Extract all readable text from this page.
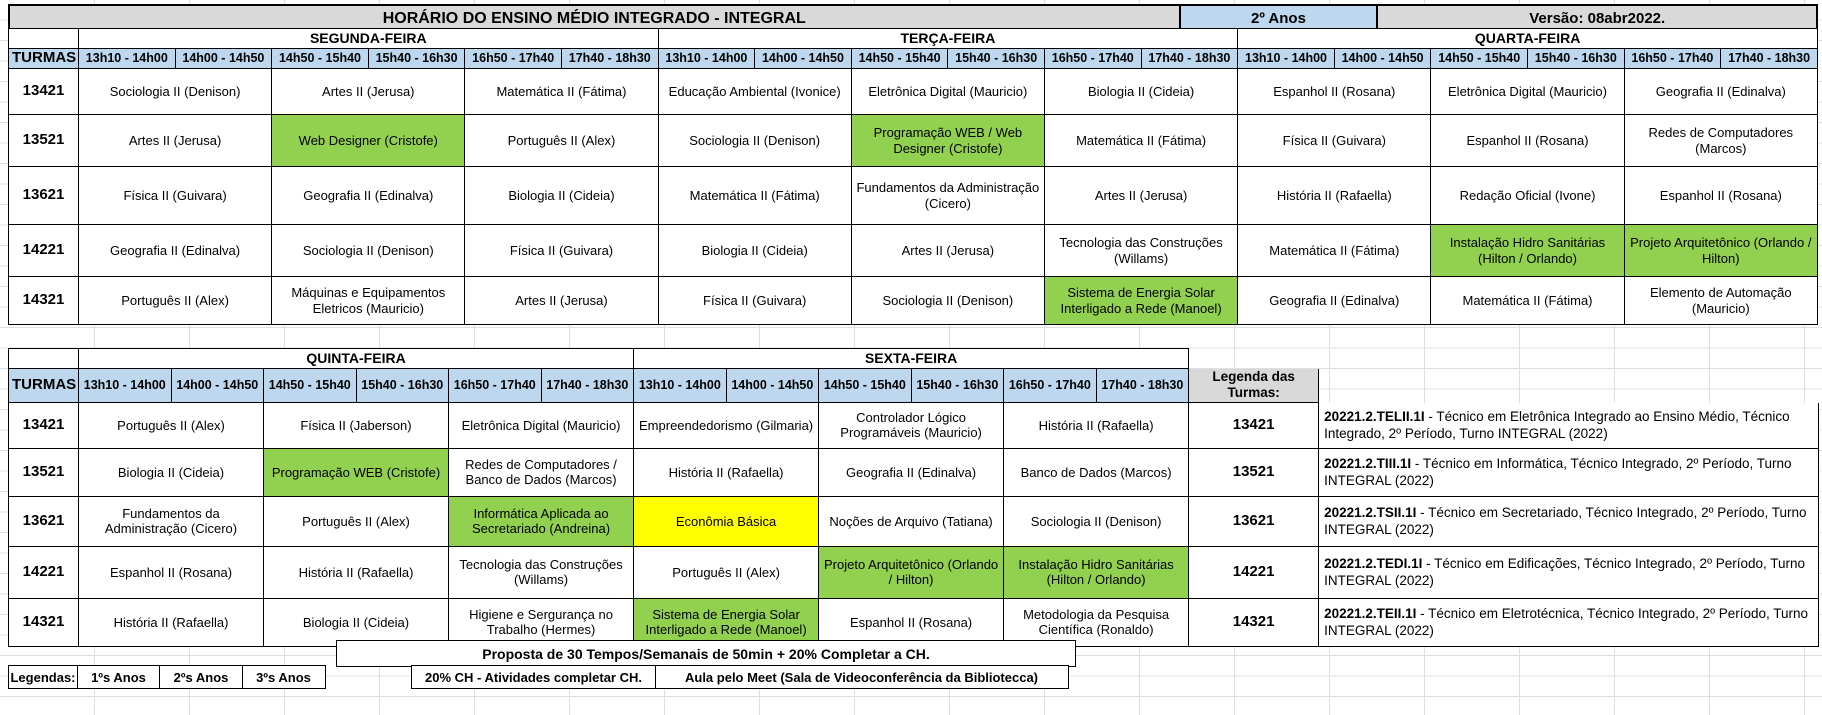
HORÁRIO DO ENSINO MÉDIO INTEGRADO - INTEGRAL	2º Anos	Versão: 08abr2022.
	SEGUNDA-FEIRA						TERÇA-FEIRA						QUARTA-FEIRA					
TURMAS	13h10 - 14h00	14h00 - 14h50	14h50 - 15h40	15h40 - 16h30	16h50 - 17h40	17h40 - 18h30	13h10 - 14h00	14h00 - 14h50	14h50 - 15h40	15h40 - 16h30	16h50 - 17h40	17h40 - 18h30	13h10 - 14h00	14h00 - 14h50	14h50 - 15h40	15h40 - 16h30	16h50 - 17h40	17h40 - 18h30
13421	Sociologia II (Denison)		Artes II (Jerusa)		Matemática II (Fátima)		Educação Ambiental (Ivonice)		Eletrônica Digital (Mauricio)		Biologia II (Cideia)		Espanhol II (Rosana)		Eletrônica Digital (Mauricio)		Geografia II (Edinalva)	
13521	Artes II (Jerusa)		Web Designer (Cristofe)		Português II (Alex)		Sociologia II (Denison)		Programação WEB / Web Designer (Cristofe)		Matemática II (Fátima)		Física II (Guivara)		Espanhol II (Rosana)		Redes de Computadores (Marcos)	
13621	Física II (Guivara)		Geografia II (Edinalva)		Biologia II (Cideia)		Matemática II (Fátima)		Fundamentos da Administração (Cicero)		Artes II (Jerusa)		História II (Rafaella)		Redação Oficial (Ivone)		Espanhol II (Rosana)	
14221	Geografia II (Edinalva)		Sociologia II (Denison)		Física II (Guivara)		Biologia II (Cideia)		Artes II (Jerusa)		Tecnologia das Construções (Willams)		Matemática II (Fátima)		Instalação Hidro Sanitárias (Hilton / Orlando)		Projeto Arquitetônico (Orlando / Hilton)	
14321	Português II (Alex)		Máquinas e Equipamentos Eletricos (Mauricio)		Artes II (Jerusa)		Física II (Guivara)		Sociologia II (Denison)		Sistema de Energia Solar Interligado a Rede (Manoel)		Geografia II (Edinalva)		Matemática II (Fátima)		Elemento de Automação (Mauricio)	
	QUINTA-FEIRA						SEXTA-FEIRA							
TURMAS	13h10 - 14h00	14h00 - 14h50	14h50 - 15h40	15h40 - 16h30	16h50 - 17h40	17h40 - 18h30	13h10 - 14h00	14h00 - 14h50	14h50 - 15h40	15h40 - 16h30	16h50 - 17h40	17h40 - 18h30	Legenda das Turmas:	
13421	Português II (Alex)		Física II (Jaberson)		Eletrônica Digital (Mauricio)		Empreendedorismo (Gilmaria)		Controlador Lógico Programáveis (Mauricio)		História II (Rafaella)		13421	20221.2.TELII.1I - Técnico em Eletrônica Integrado ao Ensino Médio, Técnico Integrado, 2º Período, Turno INTEGRAL (2022)
13521	Biologia II (Cideia)		Programação WEB (Cristofe)		Redes de Computadores / Banco de Dados (Marcos)		História II (Rafaella)		Geografia II (Edinalva)		Banco de Dados (Marcos)		13521	20221.2.TIII.1I - Técnico em Informática, Técnico Integrado, 2º Período, Turno INTEGRAL (2022)
13621	Fundamentos da Administração (Cicero)		Português II (Alex)		Informática Aplicada ao Secretariado (Andreina)		Econômia Básica		Noções de Arquivo (Tatiana)		Sociologia II (Denison)		13621	20221.2.TSII.1I - Técnico em Secretariado, Técnico Integrado, 2º Período, Turno INTEGRAL (2022)
14221	Espanhol II (Rosana)		História II (Rafaella)		Tecnologia das Construções (Willams)		Português II (Alex)		Projeto Arquitetônico (Orlando / Hilton)		Instalação Hidro Sanitárias (Hilton / Orlando)		14221	20221.2.TEDI.1I - Técnico em Edificações, Técnico Integrado, 2º Período, Turno INTEGRAL (2022)
14321	História II (Rafaella)		Biologia II (Cideia)		Higiene e Sergurança no Trabalho (Hermes)		Sistema de Energia Solar Interligado a Rede (Manoel)		Espanhol II (Rosana)		Metodologia da Pesquisa Científica (Ronaldo)		14321	20221.2.TEII.1I - Técnico em Eletrotécnica, Técnico Integrado, 2º Período, Turno INTEGRAL (2022)
Proposta de 30 Tempos/Semanais de 50min + 20% Completar a CH.
Legendas:	1ºs Anos	2ºs Anos	3ºs Anos	20% CH - Atividades completar CH.	Aula pelo Meet (Sala de Videoconferência da Bibliotecca)
